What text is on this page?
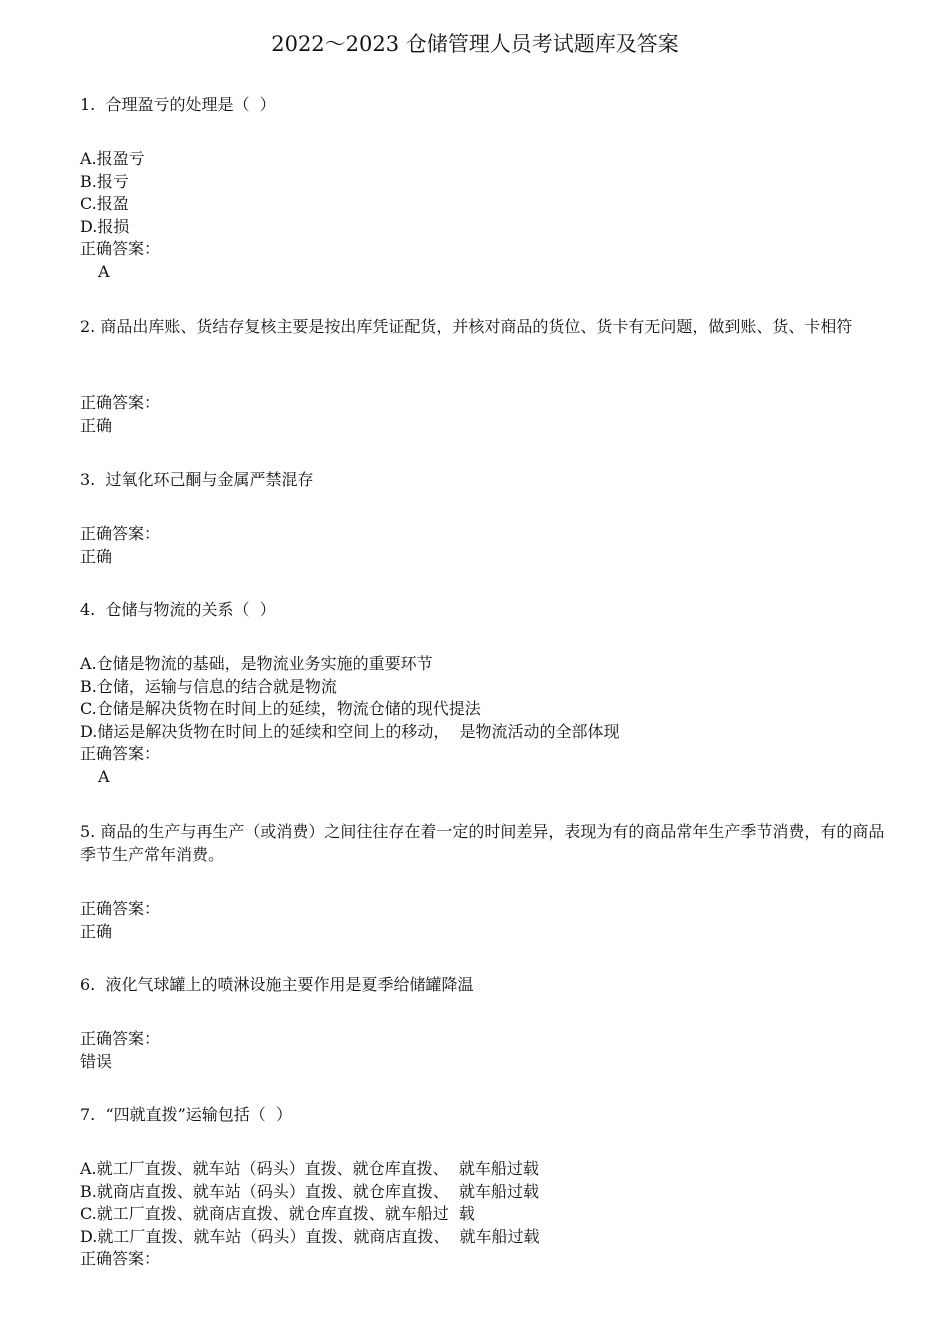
2022～2023 仓储管理人员考试题库及答案
1.  合理盈亏的处理是（  ）
A.报盈亏
B.报亏
C.报盈
D.报损
正确答案：
A
2. 商品出库账、货结存复核主要是按出库凭证配货，并核对商品的货位、货卡有无问题，做到账、货、卡相符
正确答案：
正确
3.  过氧化环己酮与金属严禁混存
正确答案：
正确
4.  仓储与物流的关系（  ）
A.仓储是物流的基础，是物流业务实施的重要环节
B.仓储，运输与信息的结合就是物流
C.仓储是解决货物在时间上的延续，物流仓储的现代提法
D.储运是解决货物在时间上的延续和空间上的移动，  是物流活动的全部体现
正确答案：
A
5. 商品的生产与再生产（或消费）之间往往存在着一定的时间差异，表现为有的商品常年生产季节消费，有的商品季节生产常年消费。
正确答案：
正确
6.  液化气球罐上的喷淋设施主要作用是夏季给储罐降温
正确答案：
错误
7.  “四就直拨”运输包括（  ）
A.就工厂直拨、就车站（码头）直拨、就仓库直拨、  就车船过载
B.就商店直拨、就车站（码头）直拨、就仓库直拨、  就车船过载
C.就工厂直拨、就商店直拨、就仓库直拨、就车船过  载
D.就工厂直拨、就车站（码头）直拨、就商店直拨、  就车船过载
正确答案：
